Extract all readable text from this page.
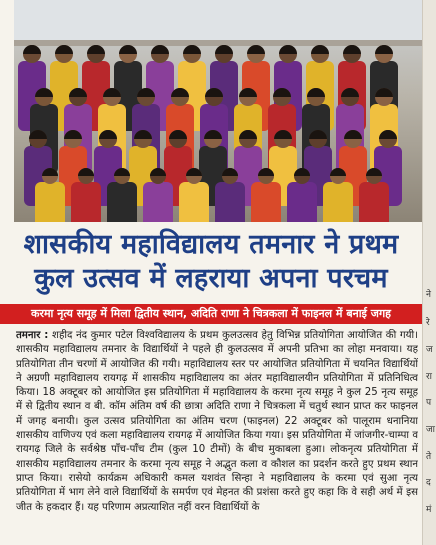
शासकीय महाविद्यालय तमनार ने प्रथम
कुल उत्सव में लहराया अपना परचम
करमा नृत्य समूह में मिला द्वितीय स्थान, अदिति राणा ने चित्रकला में फाइनल में बनाई जगह
तमनार : शहीद नंद कुमार पटेल विश्वविद्यालय के प्रथम कुलउत्सव हेतु विभिन्न प्रतियोगिता आयोजित की गयी। शासकीय महाविद्यालय तमनार के विद्यार्थियों ने पहले ही कुलउत्सव में अपनी प्रतिभा का लोहा मनवाया। यह प्रतियोगिता तीन चरणों में आयोजित की गयी। महाविद्यालय स्तर पर आयोजित प्रतियोगिता में चयनित विद्यार्थियों ने अग्रणी महाविद्यालय रायगढ़ में शासकीय महाविद्यालय का अंतर महाविद्यालयीन प्रतियोगिता में प्रतिनिधित्व किया। 18 अक्टूबर को आयोजित इस प्रतियोगिता में महाविद्यालय के करमा नृत्य समूह ने कुल 25 नृत्य समूह में से द्वितीय स्थान व बी. कॉम अंतिम वर्ष की छात्रा अदिति राणा ने चित्रकला में चतुर्थ स्थान प्राप्त कर फाइनल में जगह बनायी। कुल उत्सव प्रतियोगिता का अंतिम चरण (फाइनल) 22 अक्टूबर को पालूराम धनानिया शासकीय वाणिज्य एवं कला महाविद्यालय रायगढ़ में आयोजित किया गया। इस प्रतियोगिता में जांजगीर-चाम्पा व रायगढ़ जिले के सर्वश्रेष्ठ पाँच-पाँच टीम (कुल 10 टीमों) के बीच मुकाबला हुआ। लोकनृत्य प्रतियोगिता में शासकीय महाविद्यालय तमनार के करमा नृत्य समूह ने अद्भुत कला व कौशल का प्रदर्शन करते हुए प्रथम स्थान प्राप्त किया। रासेयो कार्यक्रम अधिकारी कमल यशवंत सिन्हा ने महाविद्यालय के करमा एवं सुआ नृत्य प्रतियोगिता में भाग लेने वाले विद्यार्थियों के समर्पण एवं मेहनत की प्रशंसा करते हुए कहा कि वे सही अर्थ में इस जीत के हकदार हैं। यह परिणाम अप्रत्याशित नहीं वरन विद्यार्थियों के
ने
रे
ज
रा
प
जा
ते
द
मं
